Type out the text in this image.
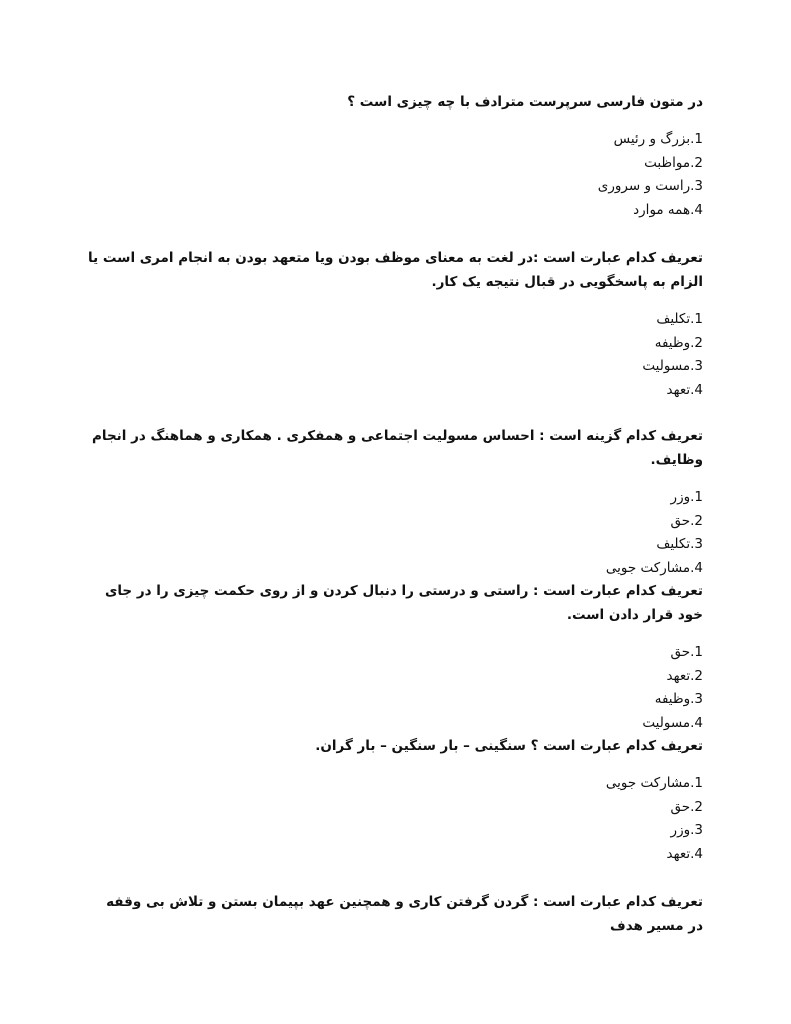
در متون فارسی سرپرست مترادف با چه چیزی است ؟

1.بزرگ و رئیس
2.مواظبت
3.راست و سروری
4.همه موارد

تعریف کدام عبارت است :در لغت به معنای موظف بودن ویا متعهد بودن به انجام امری است یا الزام به پاسخگویی در قبال نتیجه یک کار.

1.تکلیف
2.وظیفه
3.مسولیت
4.تعهد

تعریف کدام گزینه است : احساس مسولیت اجتماعی و همفکری . همکاری و هماهنگ در انجام وظایف.

1.وزر
2.حق
3.تکلیف
4.مشارکت جویی

تعریف کدام عبارت است : راستی و درستی را دنبال کردن و از روی حکمت چیزی را در جای خود قرار دادن است.

1.حق
2.تعهد
3.وظیفه
4.مسولیت

تعریف کدام عبارت است ؟ سنگینی – بار سنگین – بار گران.

1.مشارکت جویی
2.حق
3.وزر
4.تعهد

تعریف کدام عبارت است : گردن گرفتن کاری و همچنین عهد بپیمان بستن و تلاش بی وقفه در مسیر هدف
